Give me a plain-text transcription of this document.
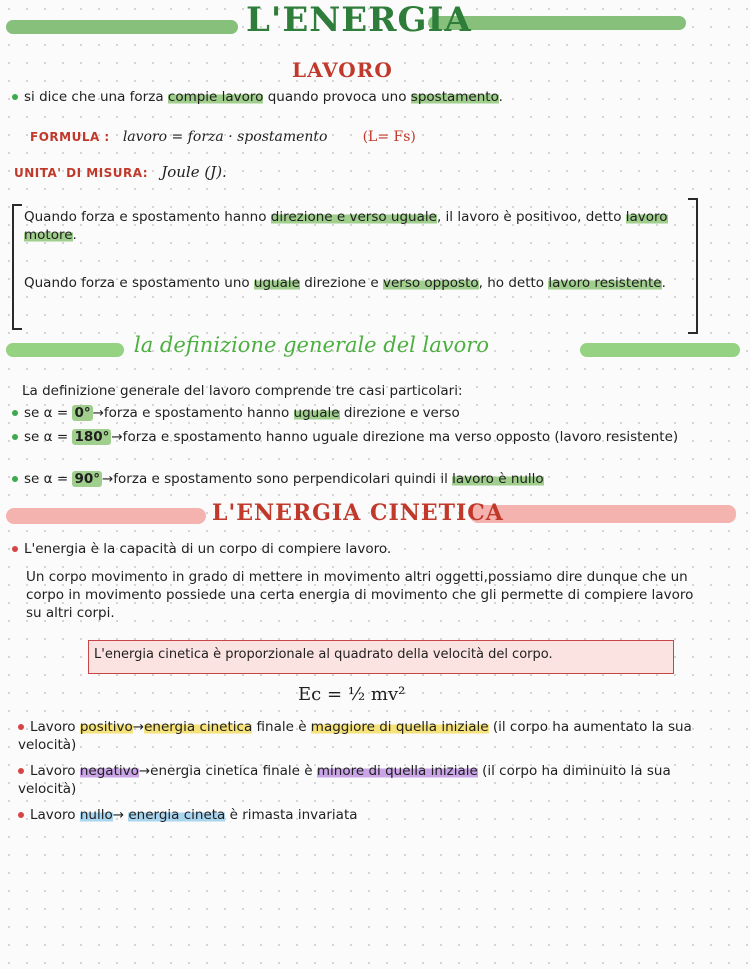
L'ENERGIA
LAVORO
si dice che una forza compie lavoro quando provoca uno spostamento.
FORMULA : lavoro = forza · spostamento	(L= Fs)
UNITA' DI MISURA: Joule (J).
Quando forza e spostamento hanno direzione e verso uguale, il lavoro è positivoo, detto lavoro motore.
Quando forza e spostamento uno uguale direzione e verso opposto, ho detto lavoro resistente.
la definizione generale del lavoro
La definizione generale del lavoro comprende tre casi particolari:
se α = 0° →forza e spostamento hanno uguale direzione e verso
se α = 180° →forza e spostamento hanno uguale direzione ma verso opposto (lavoro resistente)
se α = 90° →forza e spostamento sono perpendicolari quindi il lavoro è nullo
L'ENERGIA CINETICA
L'energia è la capacità di un corpo di compiere lavoro.
Un corpo movimento in grado di mettere in movimento altri oggetti,possiamo dire dunque che un corpo in movimento possiede una certa energia di movimento che gli permette di compiere lavoro su altri corpi.
L'energia cinetica è proporzionale al quadrato della velocità del corpo.
Ec = ½ mv²
Lavoro positivo→energia cinetica finale è maggiore di quella iniziale (il corpo ha aumentato la sua velocità)
Lavoro negativo→energia cinetica finale è minore di quella iniziale (il corpo ha diminuito la sua velocità)
Lavoro nullo→ energia cineta è rimasta invariata
